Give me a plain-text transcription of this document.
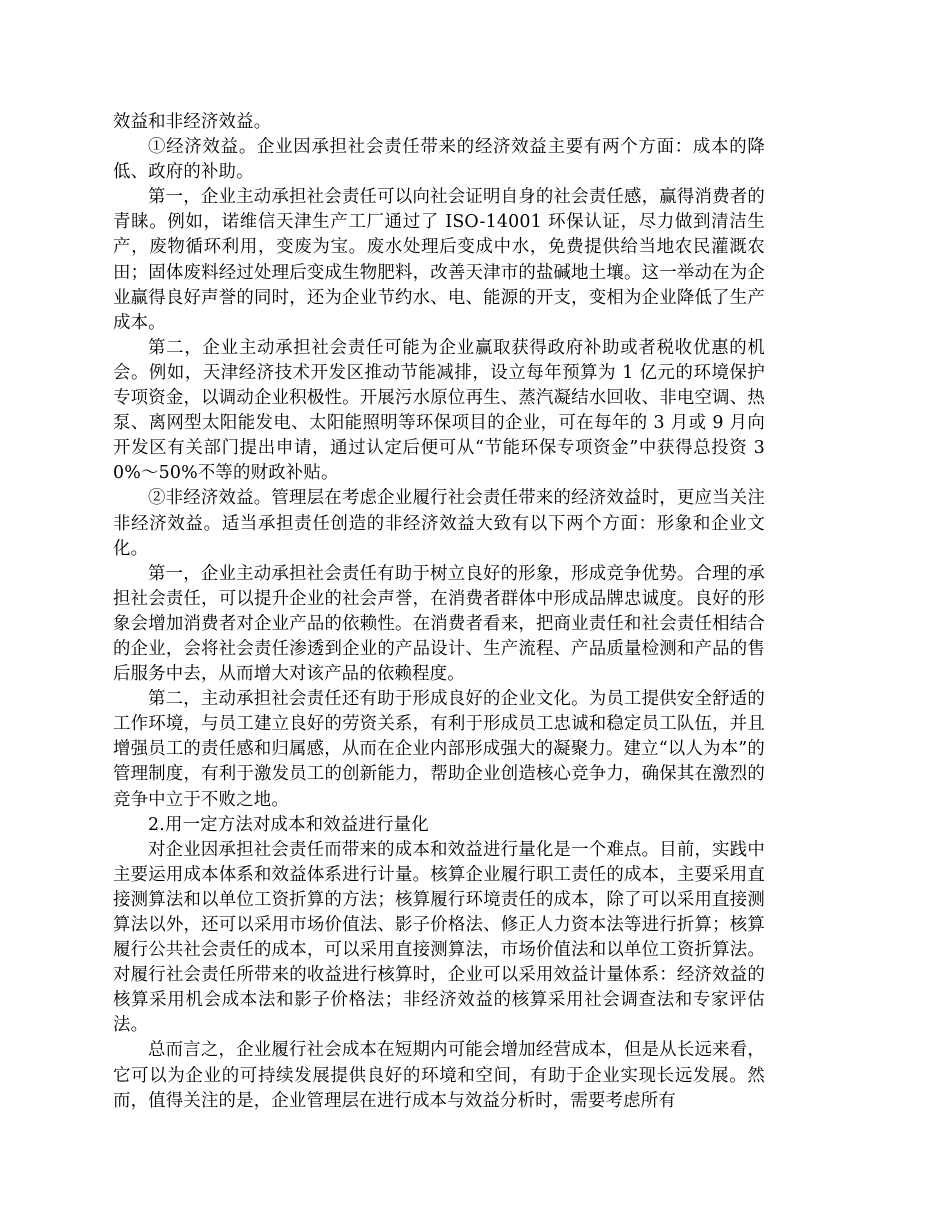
效益和非经济效益。

①经济效益。企业因承担社会责任带来的经济效益主要有两个方面：成本的降低、政府的补助。

第一，企业主动承担社会责任可以向社会证明自身的社会责任感，赢得消费者的青睐。例如，诺维信天津生产工厂通过了 ISO-14001 环保认证，尽力做到清洁生产，废物循环利用，变废为宝。废水处理后变成中水，免费提供给当地农民灌溉农田；固体废料经过处理后变成生物肥料，改善天津市的盐碱地土壤。这一举动在为企业赢得良好声誉的同时，还为企业节约水、电、能源的开支，变相为企业降低了生产成本。

第二，企业主动承担社会责任可能为企业赢取获得政府补助或者税收优惠的机会。例如，天津经济技术开发区推动节能减排，设立每年预算为 1 亿元的环境保护专项资金，以调动企业积极性。开展污水原位再生、蒸汽凝结水回收、非电空调、热泵、离网型太阳能发电、太阳能照明等环保项目的企业，可在每年的 3 月或 9 月向开发区有关部门提出申请，通过认定后便可从“节能环保专项资金”中获得总投资 30%～50%不等的财政补贴。

②非经济效益。管理层在考虑企业履行社会责任带来的经济效益时，更应当关注非经济效益。适当承担责任创造的非经济效益大致有以下两个方面：形象和企业文化。

第一，企业主动承担社会责任有助于树立良好的形象，形成竞争优势。合理的承担社会责任，可以提升企业的社会声誉，在消费者群体中形成品牌忠诚度。良好的形象会增加消费者对企业产品的依赖性。在消费者看来，把商业责任和社会责任相结合的企业，会将社会责任渗透到企业的产品设计、生产流程、产品质量检测和产品的售后服务中去，从而增大对该产品的依赖程度。

第二，主动承担社会责任还有助于形成良好的企业文化。为员工提供安全舒适的工作环境，与员工建立良好的劳资关系，有利于形成员工忠诚和稳定员工队伍，并且增强员工的责任感和归属感，从而在企业内部形成强大的凝聚力。建立“以人为本”的管理制度，有利于激发员工的创新能力，帮助企业创造核心竞争力，确保其在激烈的竞争中立于不败之地。

2.用一定方法对成本和效益进行量化

对企业因承担社会责任而带来的成本和效益进行量化是一个难点。目前，实践中主要运用成本体系和效益体系进行计量。核算企业履行职工责任的成本，主要采用直接测算法和以单位工资折算的方法；核算履行环境责任的成本，除了可以采用直接测算法以外，还可以采用市场价值法、影子价格法、修正人力资本法等进行折算；核算履行公共社会责任的成本，可以采用直接测算法，市场价值法和以单位工资折算法。对履行社会责任所带来的收益进行核算时，企业可以采用效益计量体系：经济效益的核算采用机会成本法和影子价格法；非经济效益的核算采用社会调查法和专家评估法。

总而言之，企业履行社会成本在短期内可能会增加经营成本，但是从长远来看，它可以为企业的可持续发展提供良好的环境和空间，有助于企业实现长远发展。然而，值得关注的是，企业管理层在进行成本与效益分析时，需要考虑所有
